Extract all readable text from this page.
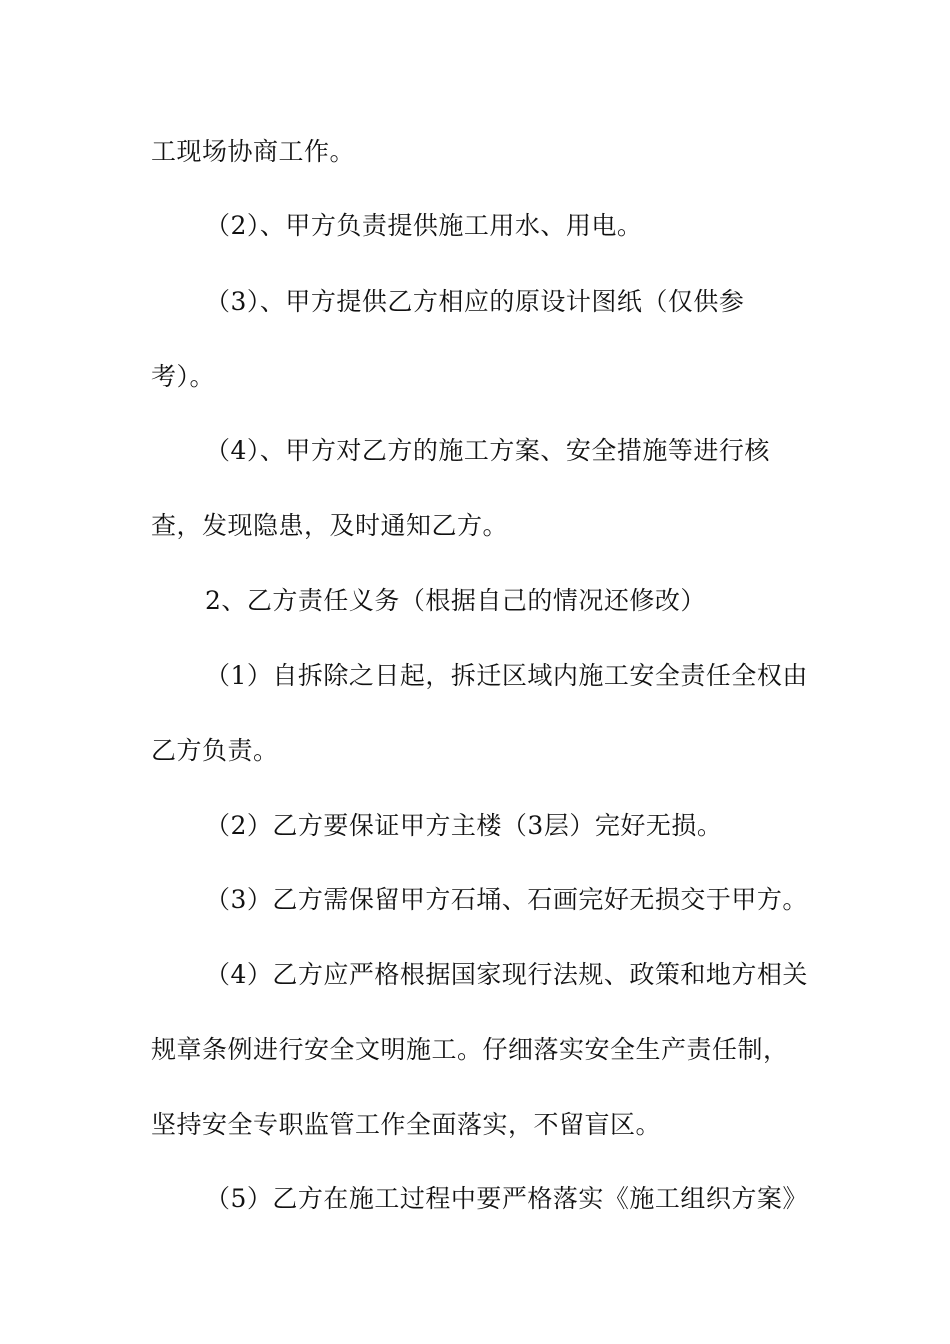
工现场协商工作。
（2）、甲方负责提供施工用水、用电。
（3）、甲方提供乙方相应的原设计图纸（仅供参
考）。
（4）、甲方对乙方的施工方案、安全措施等进行核
查，发现隐患，及时通知乙方。
2、乙方责任义务（根据自己的情况还修改）
（1）自拆除之日起，拆迁区域内施工安全责任全权由
乙方负责。
（2）乙方要保证甲方主楼（3层）完好无损。
（3）乙方需保留甲方石埇、石画完好无损交于甲方。
（4）乙方应严格根据国家现行法规、政策和地方相关
规章条例进行安全文明施工。仔细落实安全生产责任制，
坚持安全专职监管工作全面落实，不留盲区。
（5）乙方在施工过程中要严格落实《施工组织方案》
